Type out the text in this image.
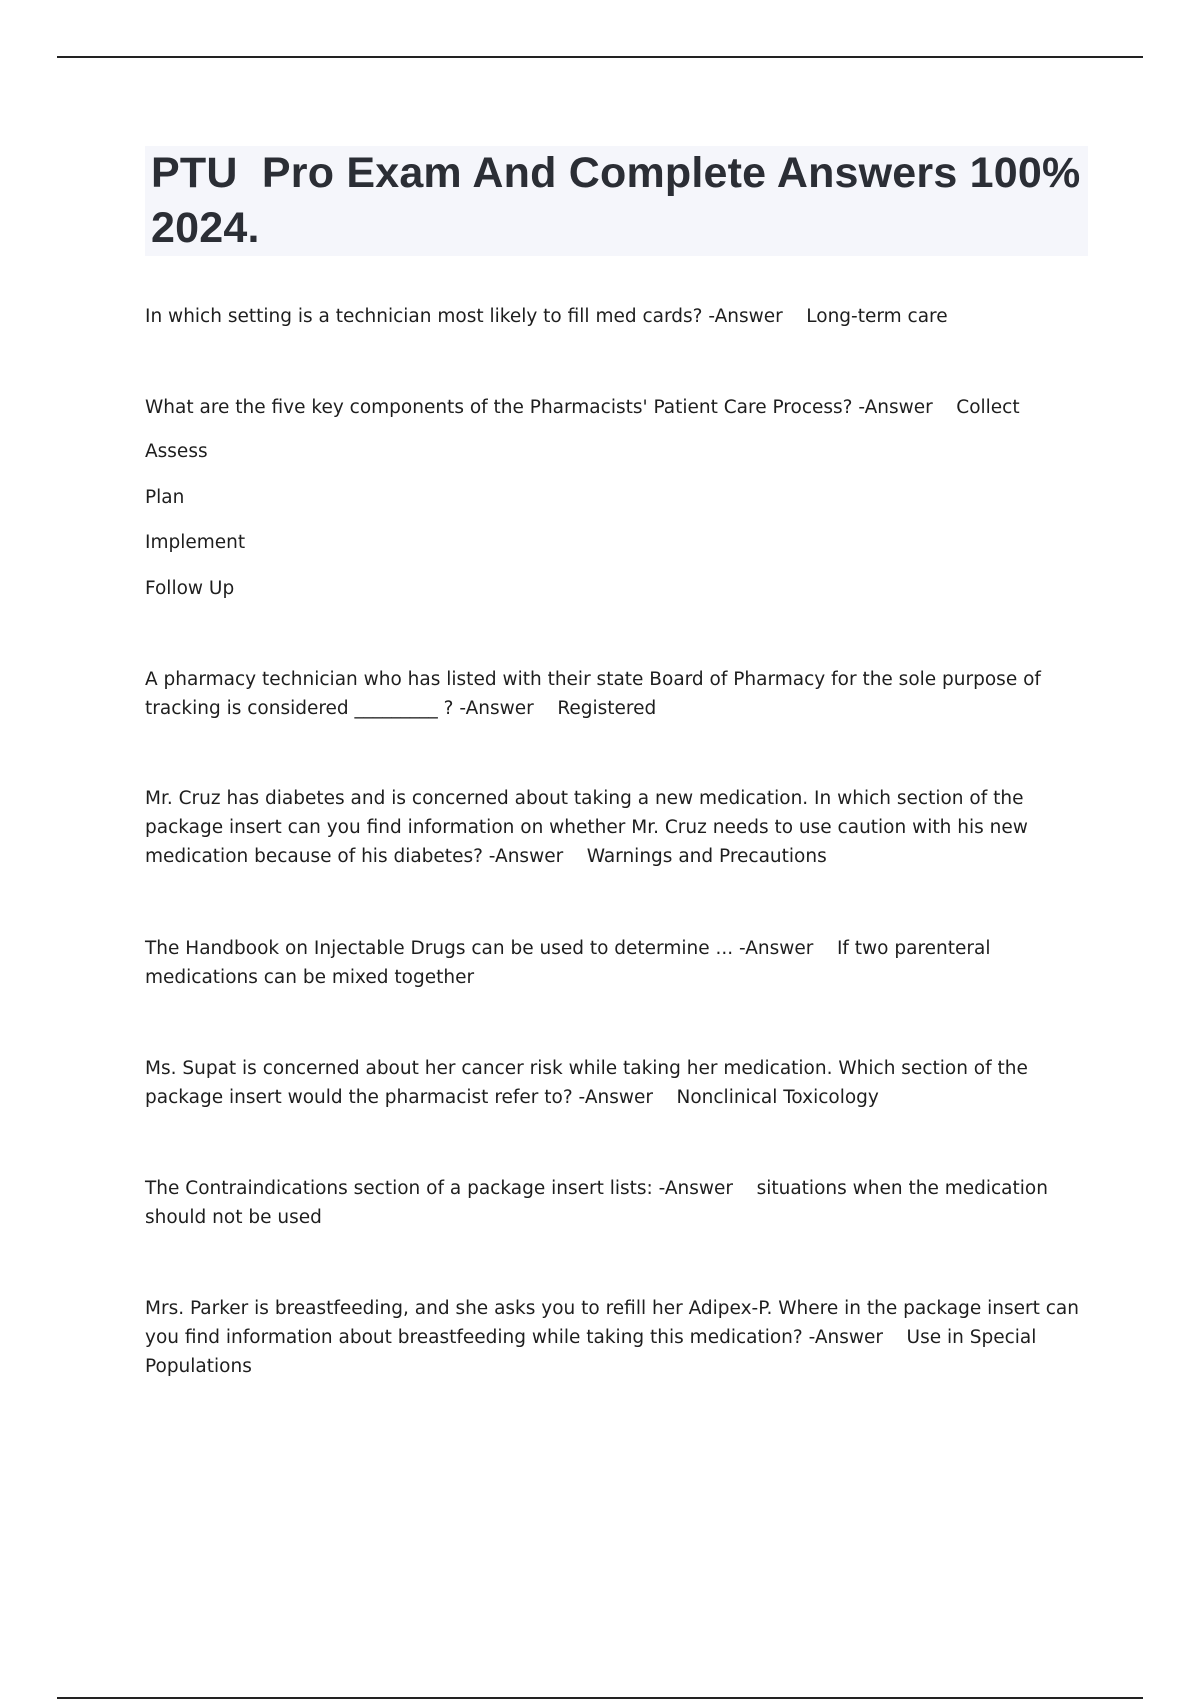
PTU  Pro Exam And Complete Answers 100% 2024.

In which setting is a technician most likely to fill med cards? -Answer Long-term care

What are the five key components of the Pharmacists' Patient Care Process? -Answer Collect

Assess

Plan

Implement

Follow Up

A pharmacy technician who has listed with their state Board of Pharmacy for the sole purpose of tracking is considered _________ ? -Answer Registered

Mr. Cruz has diabetes and is concerned about taking a new medication. In which section of the package insert can you find information on whether Mr. Cruz needs to use caution with his new medication because of his diabetes? -Answer Warnings and Precautions

The Handbook on Injectable Drugs can be used to determine ... -Answer If two parenteral medications can be mixed together

Ms. Supat is concerned about her cancer risk while taking her medication. Which section of the package insert would the pharmacist refer to? -Answer Nonclinical Toxicology

The Contraindications section of a package insert lists: -Answer situations when the medication should not be used

Mrs. Parker is breastfeeding, and she asks you to refill her Adipex-P. Where in the package insert can you find information about breastfeeding while taking this medication? -Answer Use in Special Populations
